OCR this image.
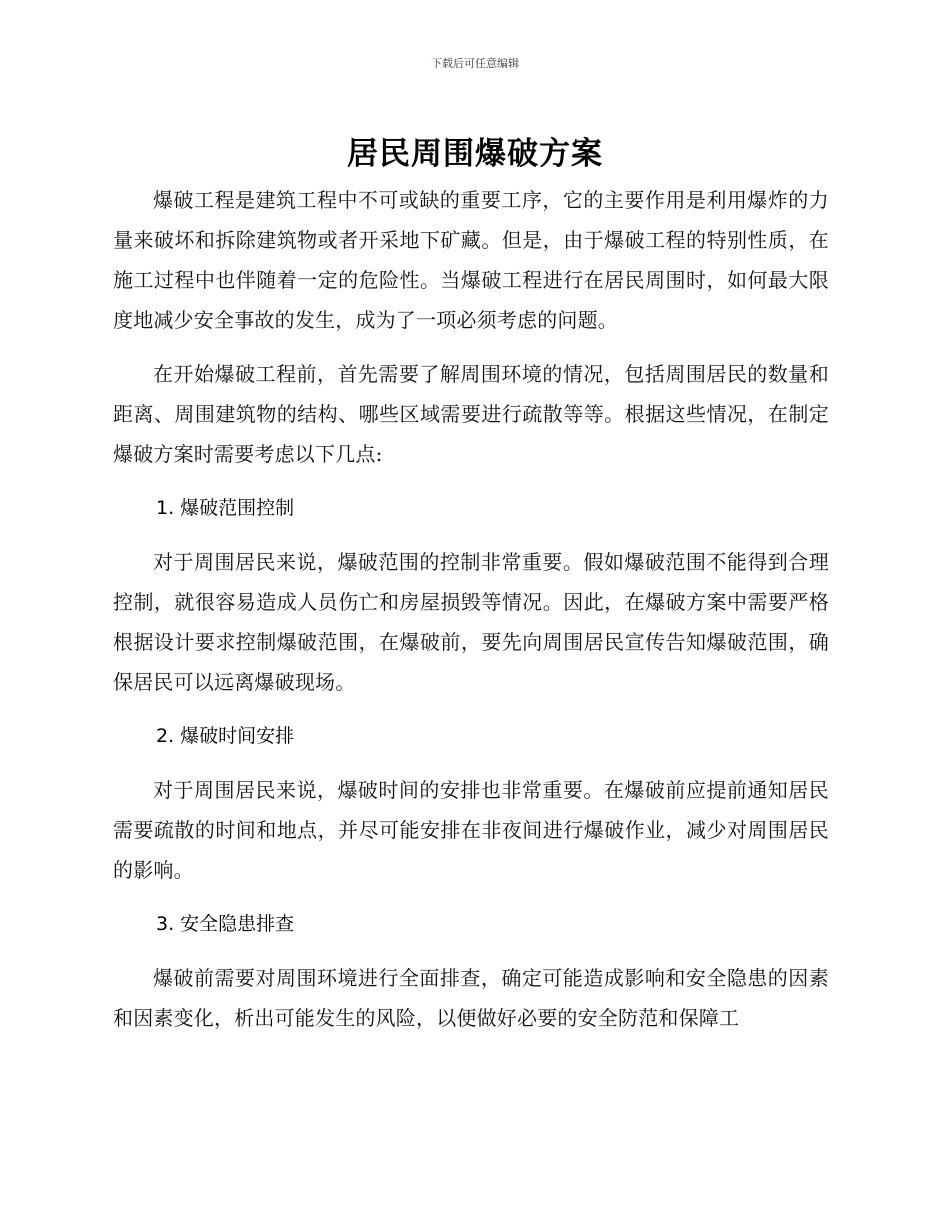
下载后可任意编辑
居民周围爆破方案

爆破工程是建筑工程中不可或缺的重要工序，它的主要作用是利用爆炸的力量来破坏和拆除建筑物或者开采地下矿藏。但是，由于爆破工程的特别性质，在施工过程中也伴随着一定的危险性。当爆破工程进行在居民周围时，如何最大限度地减少安全事故的发生，成为了一项必须考虑的问题。

在开始爆破工程前，首先需要了解周围环境的情况，包括周围居民的数量和距离、周围建筑物的结构、哪些区域需要进行疏散等等。根据这些情况，在制定爆破方案时需要考虑以下几点:

1. 爆破范围控制

对于周围居民来说，爆破范围的控制非常重要。假如爆破范围不能得到合理控制，就很容易造成人员伤亡和房屋损毁等情况。因此，在爆破方案中需要严格根据设计要求控制爆破范围，在爆破前，要先向周围居民宣传告知爆破范围，确保居民可以远离爆破现场。

2. 爆破时间安排

对于周围居民来说，爆破时间的安排也非常重要。在爆破前应提前通知居民需要疏散的时间和地点，并尽可能安排在非夜间进行爆破作业，减少对周围居民的影响。

3. 安全隐患排查

爆破前需要对周围环境进行全面排查，确定可能造成影响和安全隐患的因素和因素变化，析出可能发生的风险，以便做好必要的安全防范和保障工
